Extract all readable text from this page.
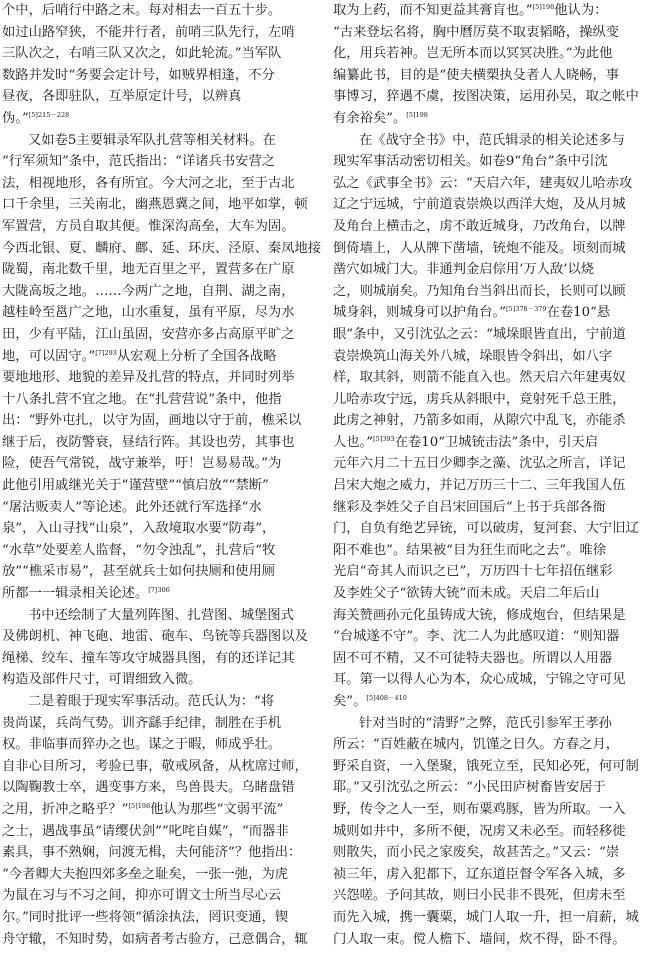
个中，后哨行中路之末。每对相去一百五十步。
如过山路窄狭，不能并行者，前哨三队先行，左哨
三队次之，右哨三队又次之，如此轮流。”当军队
数路并发时“务要会定计号，如贼界相逢，不分
昼夜，各即驻队，互举原定计号，以辨真
伪。”$^{[5]215-228}$
又如卷5主要辑录军队扎营等相关材料。在
“行军须知”条中，范氏指出：“详诸兵书安营之
法，相视地形，各有所宜。今大河之北，至于古北
口千余里，三关南北，幽燕恩冀之间，地平如掌，顿
军置营，方员自取其便。惟深沟高垒，大车为固。
今西北银、夏、麟府、鄜、延、环庆、泾原、秦凤地接
陇蜀，南北数千里，地无百里之平，置营多在广原
大陇高坂之地。……今两广之地，自荆、湖之南，
越桂岭至邕广之地，山水重复，虽有平原，尽为水
田，少有平陆，江山虽固，安营亦多占高原平旷之
地，可以固守。”$^{[7]293}$从宏观上分析了全国各战略
要地地形、地貌的差异及扎营的特点，并同时列举
十八条扎营不宜之地。在“扎营营说”条中，他指
出：“野外屯扎，以守为固，画地以守于前，樵采以
继于后，夜防警衰，昼结行阵。其设也劳，其事也
险，使吾气常锐，战守兼举，吁！岂易易哉。”为
此他引用戚继光关于“谨营壁”“慎启放”“禁断”
“屠沽贩卖人”等论述。此外还就行军选择“水
泉”，入山寻找“山泉”，入敌境取水要“防毒”，
“水草”处要差人监督，“勿令浊乱”，扎营后“牧
放”“樵采市易”，甚至就兵士如何抉厕和使用厕
所都一一辑录相关论述。$^{[7]306}$
书中还绘制了大量列阵图、扎营图、城堡图式
及佛朗机、神飞砲、地雷、砲车、鸟铳等兵器图以及
绳梯、绞车、撞车等攻守城器具图，有的还详记其
构造及部件尺寸，可谓细致入微。
二是着眼于现实军事活动。范氏认为：“将
贵尚谋，兵尚气势。训齐繇手纪律，制胜在手机
权。非临事而猝办之也。谋之于暇，师成乎壮。
自非心目所习，考验已事，敬戒夙备，从枕席过师，
以陶鞠教士卒，遇变事方来，鸟兽畏夫。乌睹盘错
之用，折冲之略乎？”$^{[5]198}$他认为那些“文弱平流”
之士，遇战事虽“请缨伏剑”“叱咤自媒”，“而器非
素具，事不熟娴，问渡无楫，夫何能济”？他指出：
“今者卿大夫抱四郊多垒之耻矣，一张一弛，为虎
为鼠在习与不习之间，抑亦可谓文士所当尽心云
尔。”同时批评一些将领“循涂执法，罔识变通，锲
舟守辙，不知时势，如病者考古验方，己意偶合，辄
取为上药，而不知更益其膏肓也。”$^{[5]198}$他认为：
“古来登坛名将，胸中曆厉莫不取衷韬略，操纵变
化，用兵若神。岂无所本而以冥冥决胜。”为此他
编纂此书，目的是“使夫横槊执殳者人人晓畅，事
事博习，猝遇不虞，按图决策，运用孙吴，取之帐中
有余裕矣”。$^{[5]198}$
在《战守全书》中，范氏辑录的相关论述多与
现实军事活动密切相关。如卷9“角台”条中引沈
弘之《武事全书》云：“天启六年，建夷奴儿哈赤攻
辽之宁远城，宁前道袁崇焕以西洋大炮，及从月城
及角台上横击之，虏不敢近城身，乃改角台，以牌
倒倚墙上，人从牌下凿墙，铳炮不能及。顷刻而城
凿穴如城门大。非通判金启倧用‘万人敌’以烧
之，则城崩矣。乃知角台当斜出而长，长则可以顾
城身斜，则城身可以护角台。”$^{[5]378-379}$在卷10“悬
眼”条中，又引沈弘之云：“城垛眼皆直出，宁前道
袁崇焕筑山海关外八城，垛眼皆令斜出，如八字
样，取其斜，则箭不能直入也。然天启六年建夷奴
儿哈赤攻宁远，虏兵从斜眼中，竟射死千总王胜，
此虏之神射，乃箭多如雨，从隙穴中乱飞，亦能杀
人也。”$^{[5]393}$在卷10“卫城铳击法”条中，引天启
元年六月二十五日少卿李之藻、沈弘之所言，详记
吕宋大炮之威力，并记万历三十二、三年我国人伍
继彩及李姓父子自吕宋回国后“上书于兵部各衙
门，自负有绝艺异铳，可以破虏，复河套、大宁旧辽
阳不难也”。结果被“目为狂生而叱之去”。唯徐
光启“奇其人而识之已”，万历四十七年招伍继彩
及李姓父子“欲铸大铳”而未成。天启二年后山
海关赞画孙元化虽铸成大铳，修成炮台，但结果是
“台城遂不守”。李、沈二人为此感叹道：“则知器
固不可不精，又不可徒特夫器也。所谓以人用器
耳。第一以得人心为本，众心成城，宁锦之守可见
矣”。$^{[5]408-410}$
针对当时的“清野”之弊，范氏引参军王孝孙
所云：“百姓蔽在城内，饥馑之日久。方春之月，
野采自资，一入堡聚，饿死立至，民知必死，何可制
耶。”又引沈弘之所云：“小民田庐树畜皆安居于
野，传令之人一至，则布粟鸡豚，皆为所取。一入
城则如井中，多所不便，况虏又未必至。而轻移徙
则散失，而小民之家废矣，故甚苦之。”又云：“崇
祯三年，虏入犯都下，辽东道臣督令军各入城，多
兴怨嗟。予问其故，则曰小民非不畏死，但虏未至
而先入城，携一囊粟，城门人取一升，担一肩薪，城
门人取一束。傥人檐下、墙间，炊不得，卧不得。
